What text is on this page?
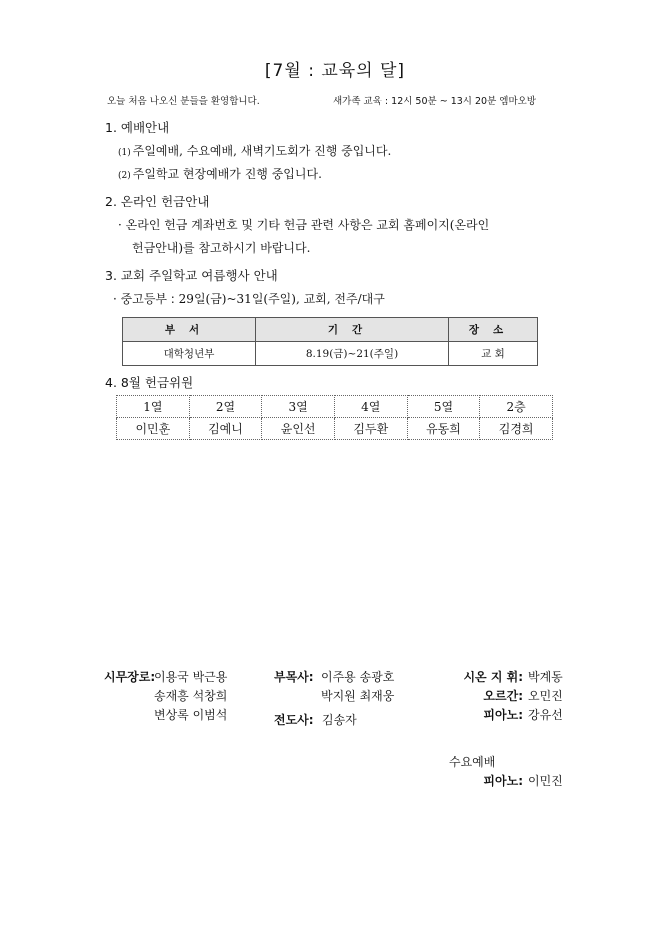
[7월 : 교육의 달]
오늘 처음 나오신 분들을 환영합니다.	새가족 교육 : 12시 50분 ~ 13시 20분 엠마오방
1. 예배안내
(1) 주일예배, 수요예배, 새벽기도회가 진행 중입니다.
(2) 주일학교 현장예배가 진행 중입니다.
2. 온라인 헌금안내
· 온라인 헌금 계좌번호 및 기타 헌금 관련 사항은 교회 홈페이지(온라인
헌금안내)를 참고하시기 바랍니다.
3. 교회 주일학교 여름행사 안내
· 중고등부 : 29일(금)~31일(주일), 교회, 전주/대구
부서	기간	장소
대학청년부	8.19(금)~21(주일)	교 회
4. 8월 헌금위원
1열	2열	3열	4열	5열	2층
이민훈	김예니	윤인선	김두환	유동희	김경희
시무장로:
이용국 박근용
송재흥 석창희
변상록 이범석
부목사: 이주용 송광호
박지원 최재웅
전도사: 김송자
시온 지 휘: 박계동
오르간: 오민진
피아노: 강유선
수요예배
피아노: 이민진
